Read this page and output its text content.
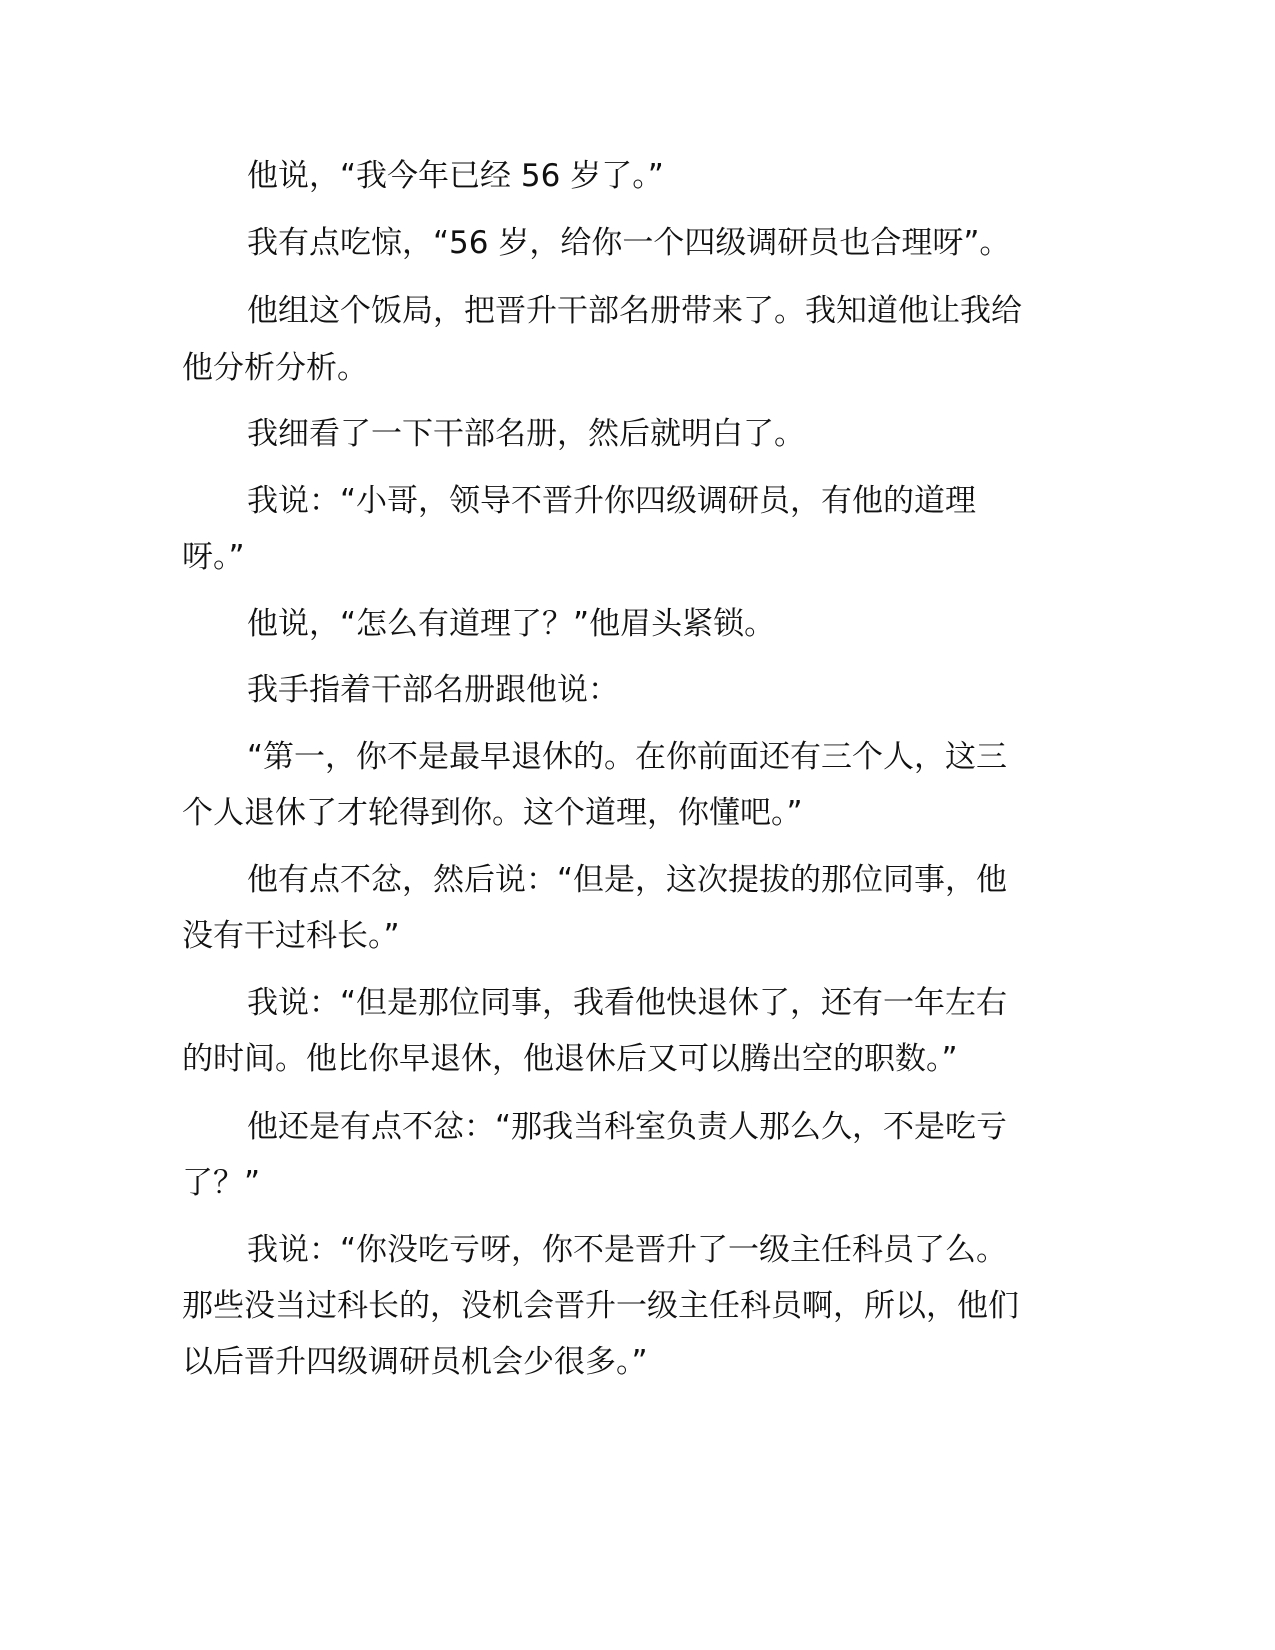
他说，“我今年已经 56 岁了。”

我有点吃惊，“56 岁，给你一个四级调研员也合理呀”。

他组这个饭局，把晋升干部名册带来了。我知道他让我给

他分析分析。

我细看了一下干部名册，然后就明白了。

我说：“小哥，领导不晋升你四级调研员，有他的道理

呀。”

他说，“怎么有道理了？”他眉头紧锁。

我手指着干部名册跟他说：

“第一，你不是最早退休的。在你前面还有三个人，这三

个人退休了才轮得到你。这个道理，你懂吧。”

他有点不忿，然后说：“但是，这次提拔的那位同事，他

没有干过科长。”

我说：“但是那位同事，我看他快退休了，还有一年左右

的时间。他比你早退休，他退休后又可以腾出空的职数。”

他还是有点不忿：“那我当科室负责人那么久，不是吃亏

了？”

我说：“你没吃亏呀，你不是晋升了一级主任科员了么。

那些没当过科长的，没机会晋升一级主任科员啊，所以，他们

以后晋升四级调研员机会少很多。”
